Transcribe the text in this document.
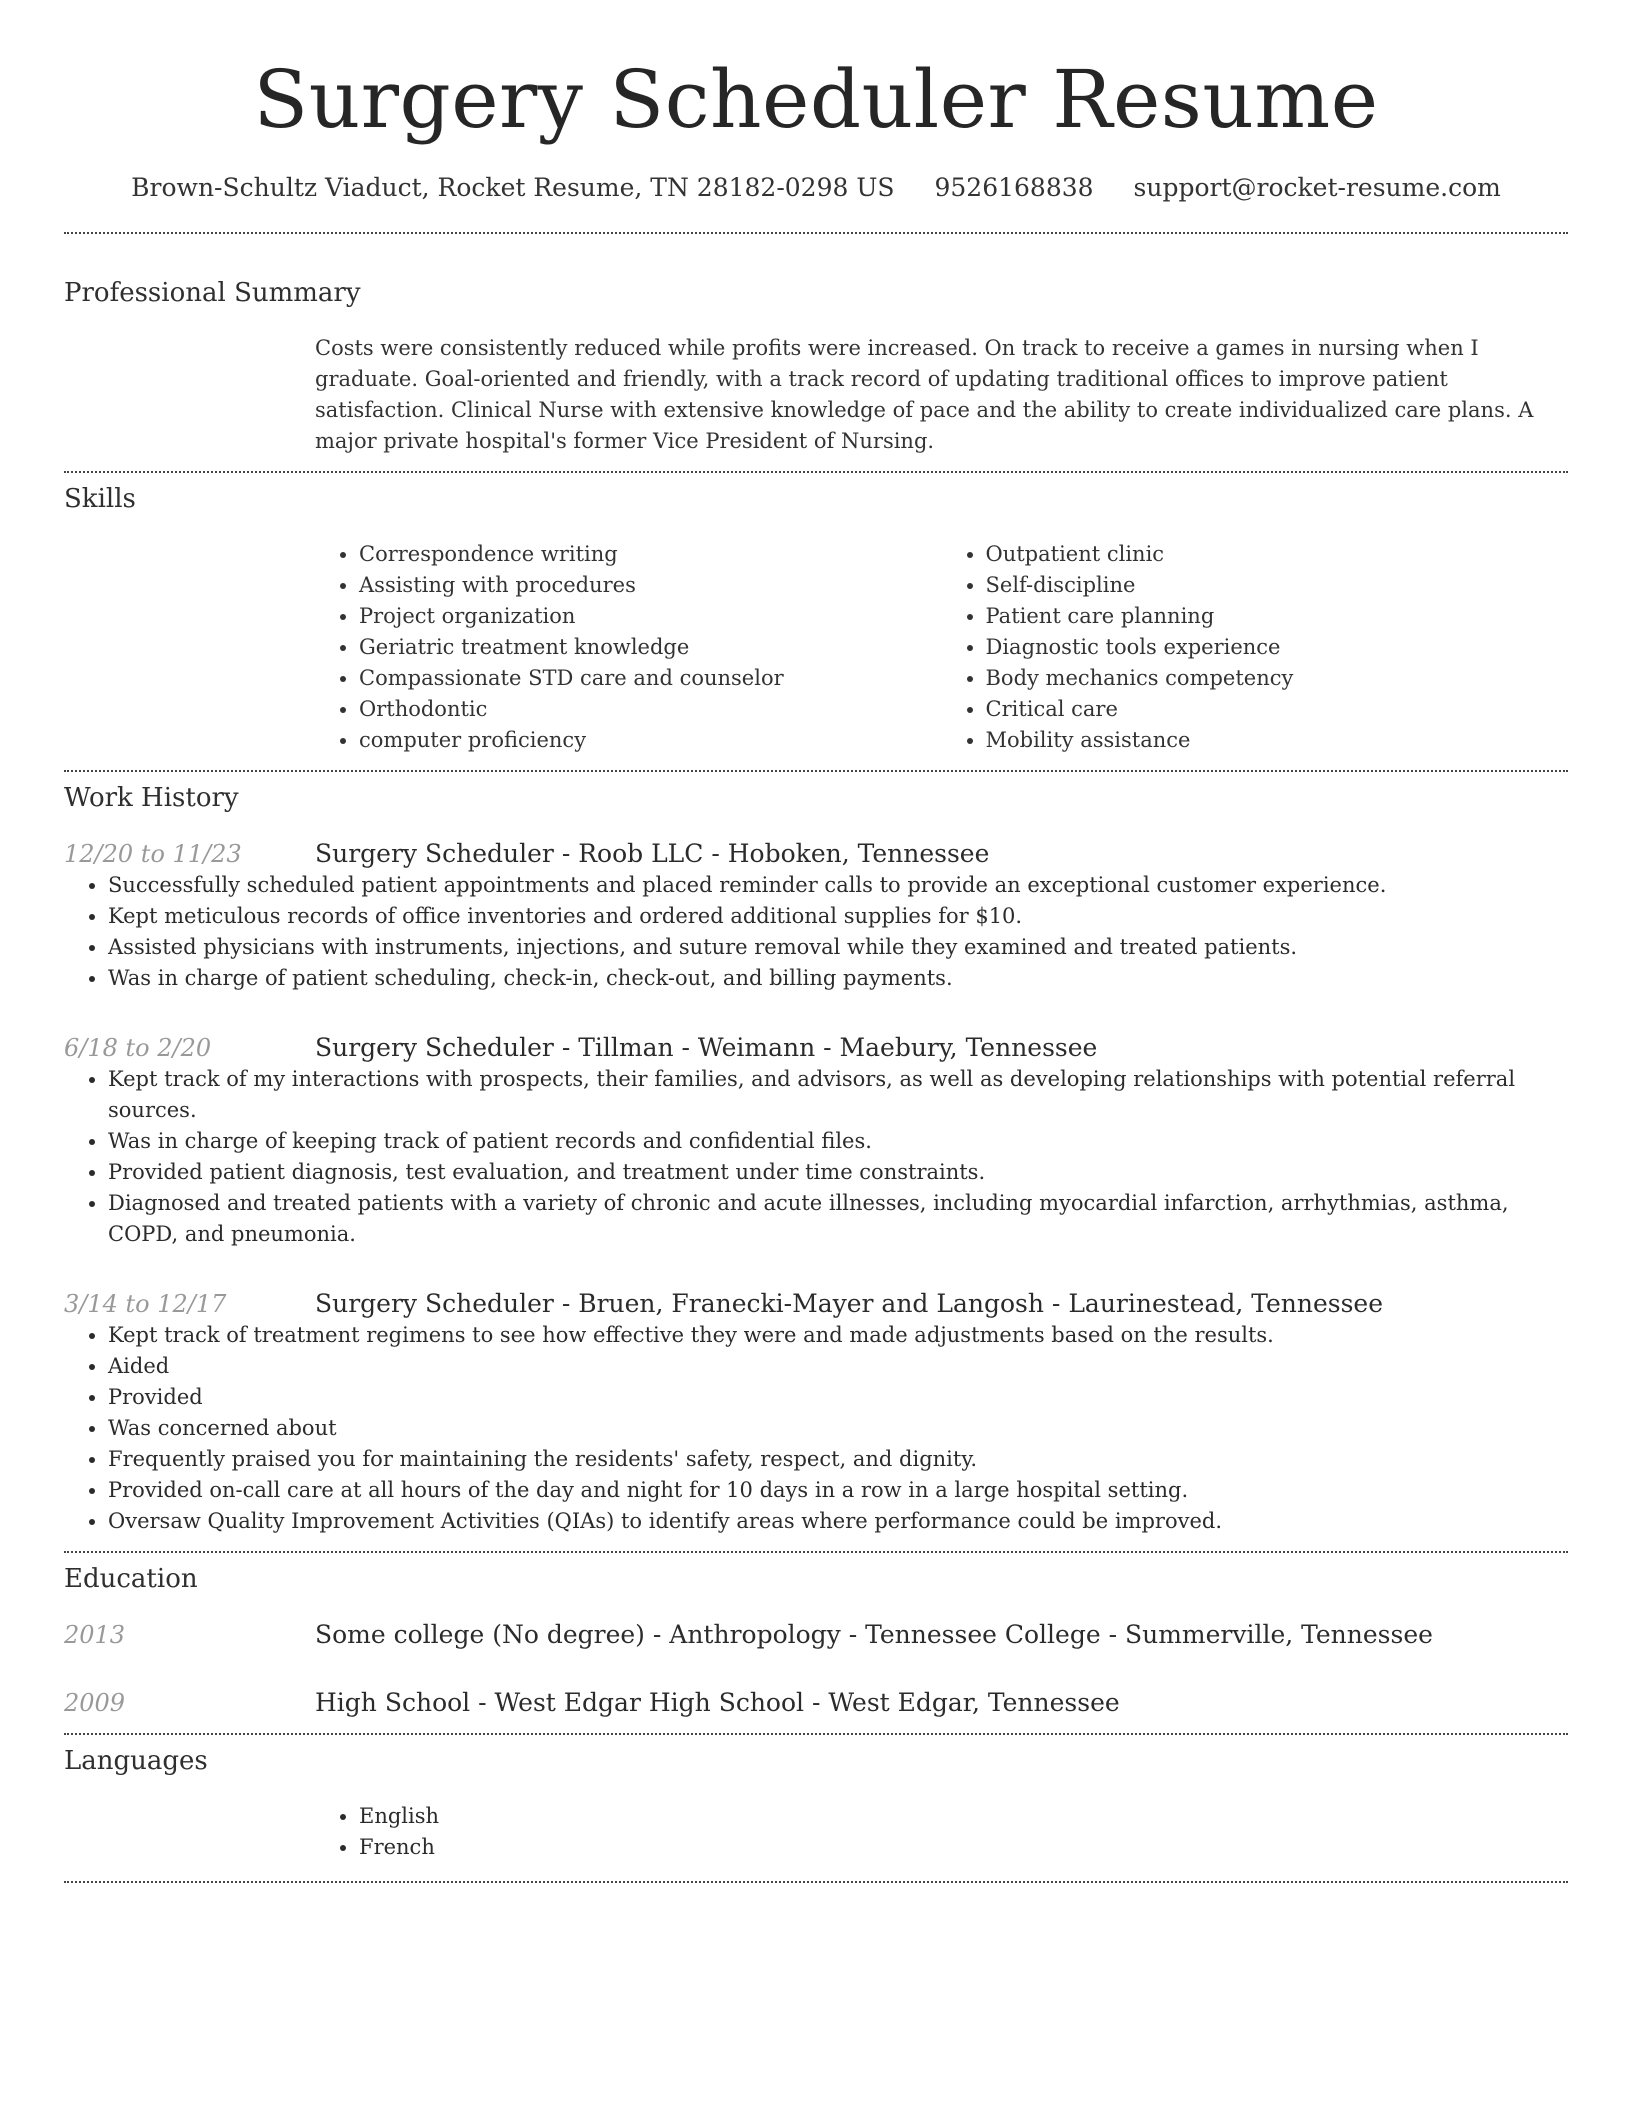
Surgery Scheduler Resume
Brown-Schultz Viaduct, Rocket Resume, TN 28182-0298 US 9526168838 support@rocket-resume.com
Professional Summary
Costs were consistently reduced while profits were increased. On track to receive a games in nursing when I graduate. Goal-oriented and friendly, with a track record of updating traditional offices to improve patient satisfaction. Clinical Nurse with extensive knowledge of pace and the ability to create individualized care plans. A major private hospital's former Vice President of Nursing.
Skills
• Correspondence writing
• Assisting with procedures
• Project organization
• Geriatric treatment knowledge
• Compassionate STD care and counselor
• Orthodontic
• computer proficiency
• Outpatient clinic
• Self-discipline
• Patient care planning
• Diagnostic tools experience
• Body mechanics competency
• Critical care
• Mobility assistance
Work History
12/20 to 11/23	Surgery Scheduler - Roob LLC - Hoboken, Tennessee
• Successfully scheduled patient appointments and placed reminder calls to provide an exceptional customer experience.
• Kept meticulous records of office inventories and ordered additional supplies for $10.
• Assisted physicians with instruments, injections, and suture removal while they examined and treated patients.
• Was in charge of patient scheduling, check-in, check-out, and billing payments.
6/18 to 2/20	Surgery Scheduler - Tillman - Weimann - Maebury, Tennessee
• Kept track of my interactions with prospects, their families, and advisors, as well as developing relationships with potential referral sources.
• Was in charge of keeping track of patient records and confidential files.
• Provided patient diagnosis, test evaluation, and treatment under time constraints.
• Diagnosed and treated patients with a variety of chronic and acute illnesses, including myocardial infarction, arrhythmias, asthma, COPD, and pneumonia.
3/14 to 12/17	Surgery Scheduler - Bruen, Franecki-Mayer and Langosh - Laurinestead, Tennessee
• Kept track of treatment regimens to see how effective they were and made adjustments based on the results.
• Aided
• Provided
• Was concerned about
• Frequently praised you for maintaining the residents' safety, respect, and dignity.
• Provided on-call care at all hours of the day and night for 10 days in a row in a large hospital setting.
• Oversaw Quality Improvement Activities (QIAs) to identify areas where performance could be improved.
Education
2013	Some college (No degree) - Anthropology - Tennessee College - Summerville, Tennessee
2009	High School - West Edgar High School - West Edgar, Tennessee
Languages
• English
• French
